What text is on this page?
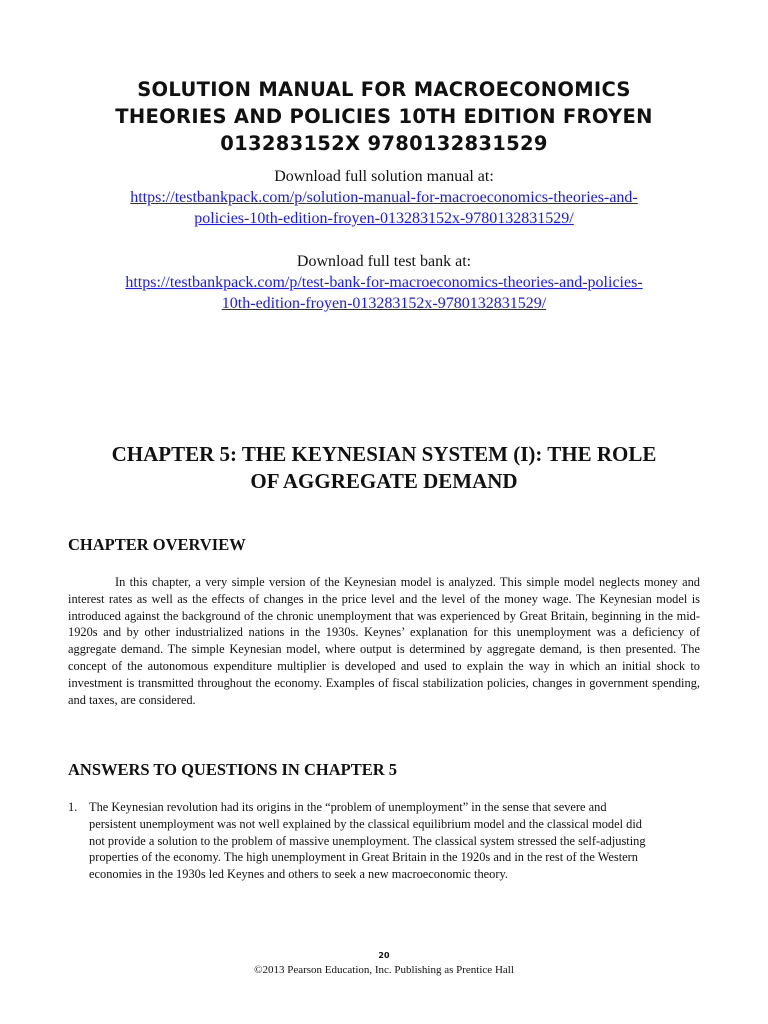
SOLUTION MANUAL FOR MACROECONOMICS
THEORIES AND POLICIES 10TH EDITION FROYEN
013283152X 9780132831529
Download full solution manual at:
https://testbankpack.com/p/solution-manual-for-macroeconomics-theories-and-
policies-10th-edition-froyen-013283152x-9780132831529/
Download full test bank at:
https://testbankpack.com/p/test-bank-for-macroeconomics-theories-and-policies-
10th-edition-froyen-013283152x-9780132831529/
CHAPTER 5: THE KEYNESIAN SYSTEM (I): THE ROLE
OF AGGREGATE DEMAND
CHAPTER OVERVIEW

In this chapter, a very simple version of the Keynesian model is analyzed. This simple model neglects money and interest rates as well as the effects of changes in the price level and the level of the money wage. The Keynesian model is introduced against the background of the chronic unemployment that was experienced by Great Britain, beginning in the mid-1920s and by other industrialized nations in the 1930s. Keynes’ explanation for this unemployment was a deficiency of aggregate demand. The simple Keynesian model, where output is determined by aggregate demand, is then presented. The concept of the autonomous expenditure multiplier is developed and used to explain the way in which an initial shock to investment is transmitted throughout the economy. Examples of fiscal stabilization policies, changes in government spending, and taxes, are considered.

ANSWERS TO QUESTIONS IN CHAPTER 5
1. The Keynesian revolution had its origins in the “problem of unemployment” in the sense that severe and persistent unemployment was not well explained by the classical equilibrium model and the classical model did not provide a solution to the problem of massive unemployment. The classical system stressed the self-adjusting properties of the economy. The high unemployment in Great Britain in the 1920s and in the rest of the Western economies in the 1930s led Keynes and others to seek a new macroeconomic theory.
20
©2013 Pearson Education, Inc. Publishing as Prentice Hall
